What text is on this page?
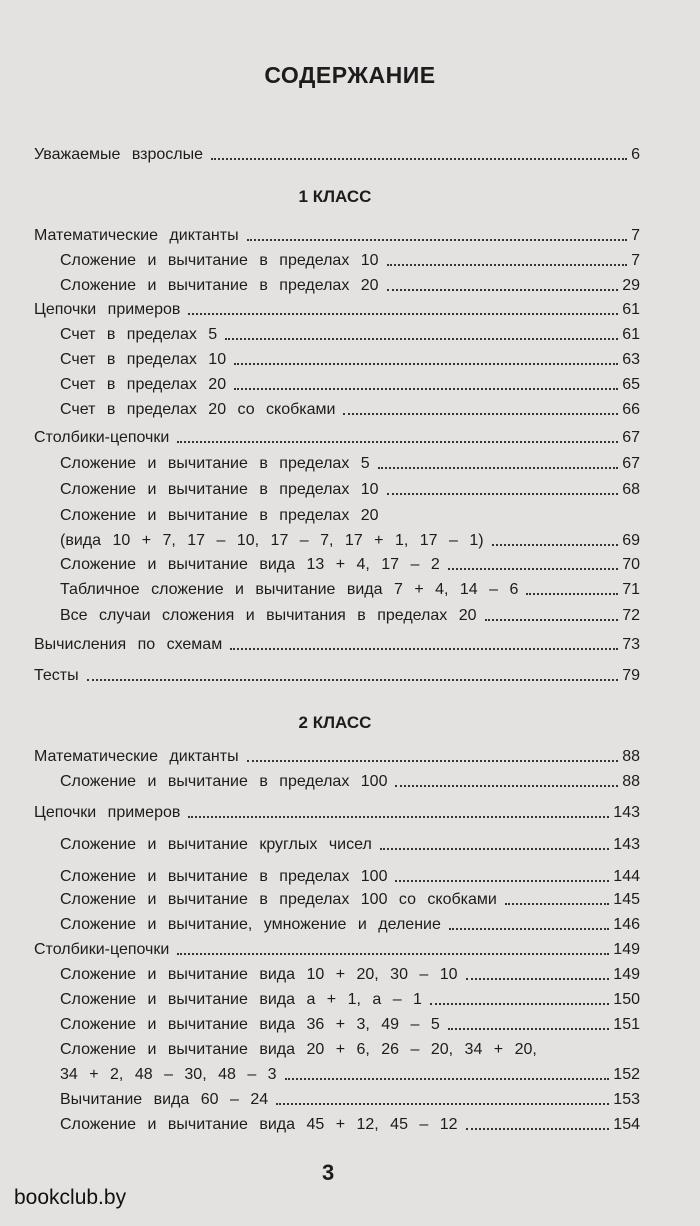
СОДЕРЖАНИЕ
1 КЛАСС
2 КЛАСС
Уважаемые взрослые	6
Математические диктанты	7
Сложение и вычитание в пределах 10	7
Сложение и вычитание в пределах 20	29
Цепочки примеров	61
Счет в пределах 5	61
Счет в пределах 10	63
Счет в пределах 20	65
Счет в пределах 20 со скобками	66
Столбики-цепочки	67
Сложение и вычитание в пределах 5	67
Сложение и вычитание в пределах 10	68
Сложение и вычитание в пределах 20
(вида 10 + 7, 17 – 10, 17 – 7, 17 + 1, 17 – 1)	69
Сложение и вычитание вида 13 + 4, 17 – 2	70
Табличное сложение и вычитание вида 7 + 4, 14 – 6	71
Все случаи сложения и вычитания в пределах 20	72
Вычисления по схемам	73
Тесты	79
Математические диктанты	88
Сложение и вычитание в пределах 100	88
Цепочки примеров	143
Сложение и вычитание круглых чисел	143
Сложение и вычитание в пределах 100	144
Сложение и вычитание в пределах 100 со скобками	145
Сложение и вычитание, умножение и деление	146
Столбики-цепочки	149
Сложение и вычитание вида 10 + 20, 30 – 10	149
Сложение и вычитание вида а + 1, а – 1	150
Сложение и вычитание вида 36 + 3, 49 – 5	151
Сложение и вычитание вида 20 + 6, 26 – 20, 34 + 20,
34 + 2, 48 – 30, 48 – 3	152
Вычитание вида 60 – 24	153
Сложение и вычитание вида 45 + 12, 45 – 12	154
3
bookclub.by
